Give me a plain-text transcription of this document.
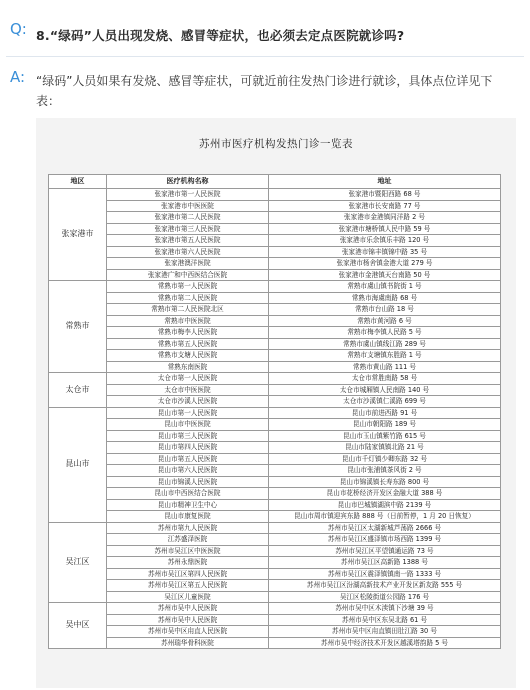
Q: 8.“绿码”人员出现发烧、感冒等症状，也必须去定点医院就诊吗?
A: “绿码”人员如果有发烧、感冒等症状，可就近前往发热门诊进行就诊，具体点位详见下表：
苏州市医疗机构发热门诊一览表
地区	医疗机构名称	地址
张家港市	张家港市第一人民医院	张家港市暨阳西路 68 号
	张家港市中医医院	张家港市长安南路 77 号
	张家港市第二人民医院	张家港市金港镇同洋路 2 号
	张家港市第三人民医院	张家港市塘桥镇人民中路 59 号
	张家港市第五人民医院	张家港市乐余镇乐丰路 120 号
	张家港市第六人民医院	张家港市锦丰镇锦中路 35 号
	张家港澳洋医院	张家港市杨舍镇金港大道 279 号
	张家港广和中西医结合医院	张家港市金港镇天台南路 50 号
常熟市	常熟市第一人民医院	常熟市虞山镇书院街 1 号
	常熟市第二人民医院	常熟市海虞南路 68 号
	常熟市第二人民医院北区	常熟市台山路 18 号
	常熟市中医医院	常熟市黄河路 6 号
	常熟市梅李人民医院	常熟市梅李镇人民路 5 号
	常熟市第五人民医院	常熟市虞山镇线江路 289 号
	常熟市支塘人民医院	常熟市支塘镇东胜路 1 号
	常熟东南医院	常熟市黄山路 111 号
太仓市	太仓市第一人民医院	太仓市常胜南路 58 号
	太仓市中医医院	太仓市城厢镇人民南路 140 号
	太仓市沙溪人民医院	太仓市沙溪镇仁溪路 699 号
昆山市	昆山市第一人民医院	昆山市前进西路 91 号
	昆山市中医医院	昆山市朝阳路 189 号
	昆山市第三人民医院	昆山市玉山镇紫竹路 615 号
	昆山市第四人民医院	昆山市陆家镇镇北路 21 号
	昆山市第五人民医院	昆山市千灯镇少卿东路 32 号
	昆山市第六人民医院	昆山市张浦镇茶风街 2 号
	昆山市锦溪人民医院	昆山市锦溪镇长寿东路 800 号
	昆山市中西医结合医院	昆山市花桥经济开发区金融大道 388 号
	昆山市精神卫生中心	昆山市巴城镇湖滨中路 2139 号
	昆山市康复医院	昆山市周市镇迎宾东路 888 号（日前暂停，1 月 20 日恢复）
吴江区	苏州市第九人民医院	苏州市吴江区太湖新城芦荡路 2666 号
	江苏盛泽医院	苏州市吴江区盛泽镇市场西路 1399 号
	苏州市吴江区中医医院	苏州市吴江区平望镇通运路 73 号
	苏州永鼎医院	苏州市吴江区高新路 1388 号
	苏州市吴江区第四人民医院	苏州市吴江区震泽镇镇南一路 1333 号
	苏州市吴江区第五人民医院	苏州市吴江区汾湖高新技术产业开发区新友路 555 号
	吴江区儿童医院	吴江区松陵街道公园路 176 号
吴中区	苏州市吴中人民医院	苏州市吴中区木渎镇下沙塘 39 号
	苏州市吴中人民医院	苏州市吴中区东吴北路 61 号
	苏州市吴中区甪直人民医院	苏州市吴中区甪直镇田肚江路 30 号
	苏州瑞华骨科医院	苏州市吴中经济技术开发区越溪塔韵路 5 号
